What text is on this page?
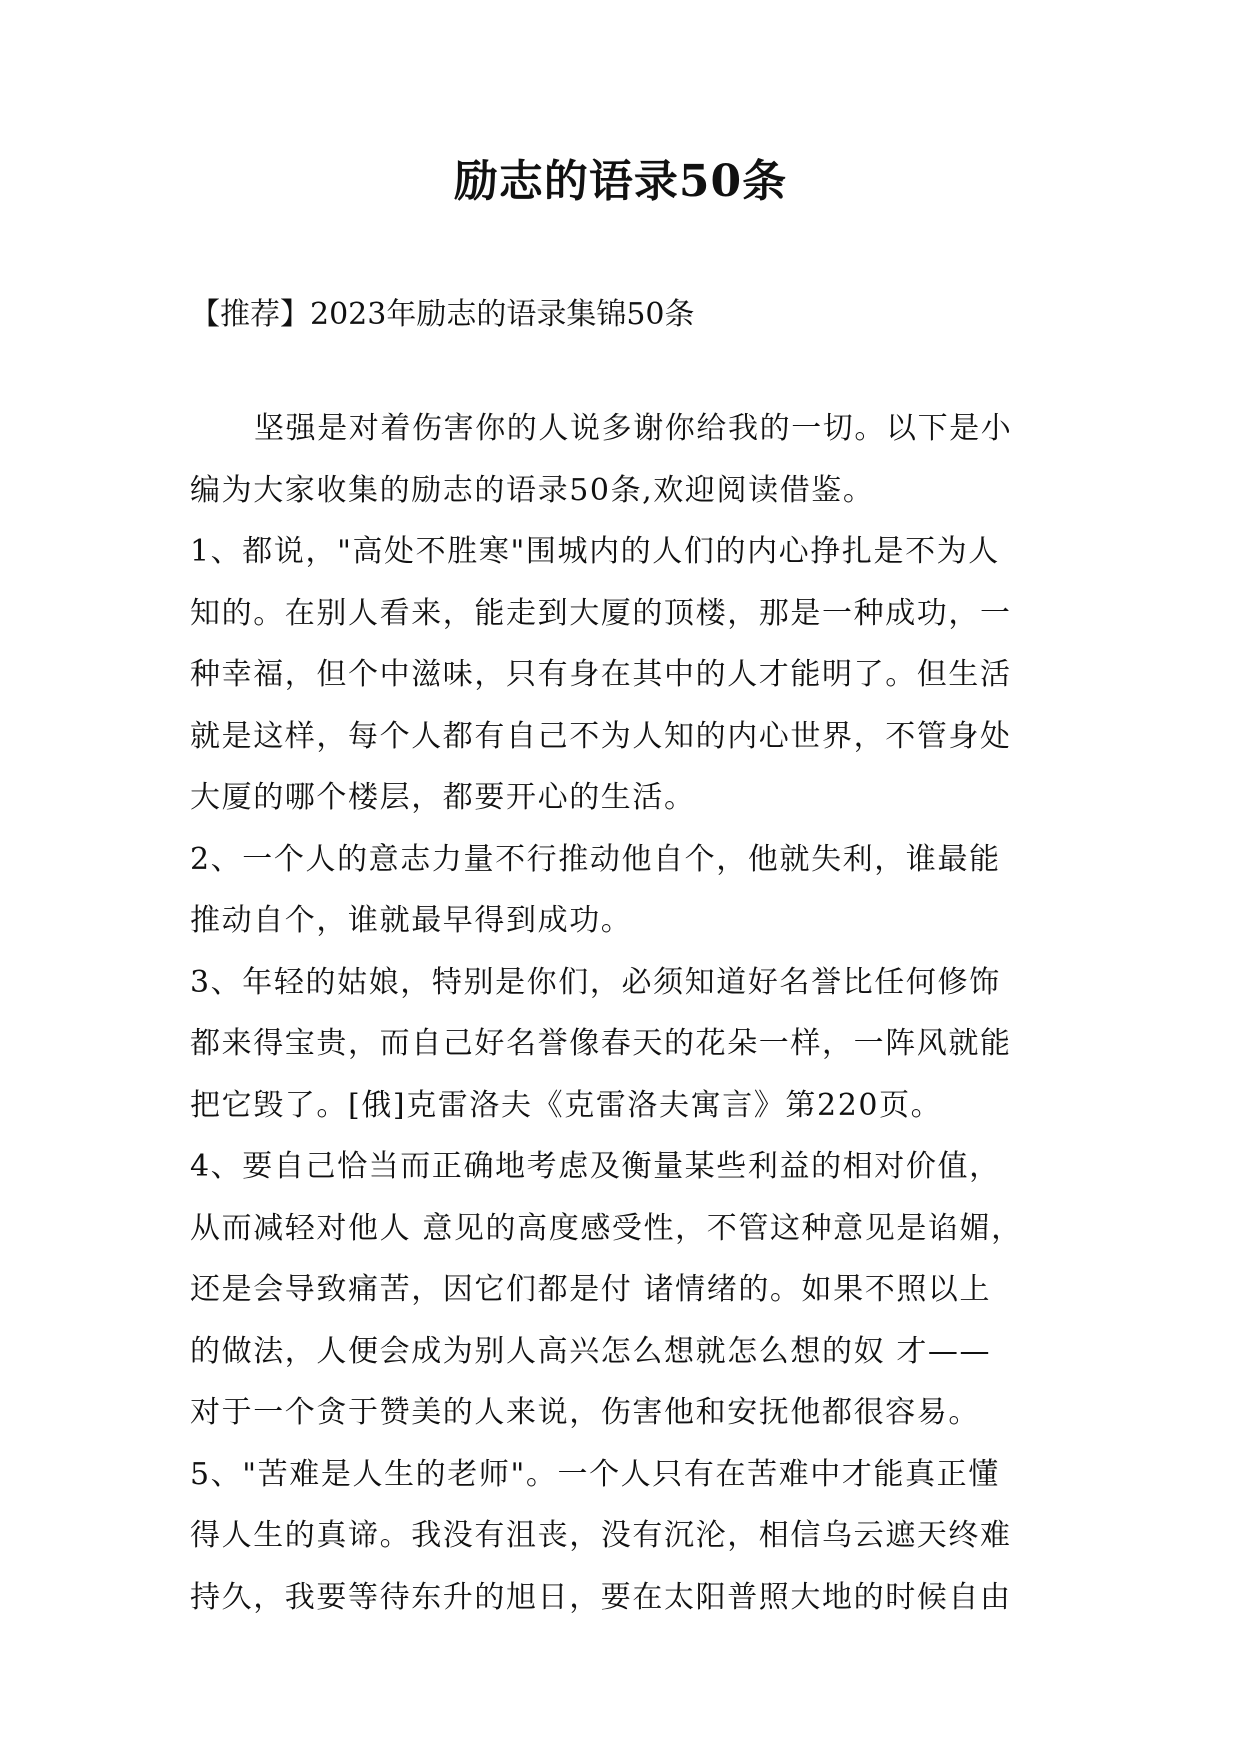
励志的语录50条
【推荐】2023年励志的语录集锦50条
坚强是对着伤害你的人说多谢你给我的一切。以下是小
编为大家收集的励志的语录50条,欢迎阅读借鉴。
1、都说，"高处不胜寒"围城内的人们的内心挣扎是不为人
知的。在别人看来，能走到大厦的顶楼，那是一种成功，一
种幸福，但个中滋味，只有身在其中的人才能明了。但生活
就是这样，每个人都有自己不为人知的内心世界，不管身处
大厦的哪个楼层，都要开心的生活。
2、一个人的意志力量不行推动他自个，他就失利，谁最能
推动自个，谁就最早得到成功。
3、年轻的姑娘，特别是你们，必须知道好名誉比任何修饰
都来得宝贵，而自己好名誉像春天的花朵一样，一阵风就能
把它毁了。[俄]克雷洛夫《克雷洛夫寓言》第220页。
4、要自己恰当而正确地考虑及衡量某些利益的相对价值，
从而减轻对他人 意见的高度感受性，不管这种意见是谄媚，
还是会导致痛苦，因它们都是付 诸情绪的。如果不照以上
的做法，人便会成为别人高兴怎么想就怎么想的奴 才——
对于一个贪于赞美的人来说，伤害他和安抚他都很容易。
5、"苦难是人生的老师"。一个人只有在苦难中才能真正懂
得人生的真谛。我没有沮丧，没有沉沦，相信乌云遮天终难
持久，我要等待东升的旭日，要在太阳普照大地的时候自由
